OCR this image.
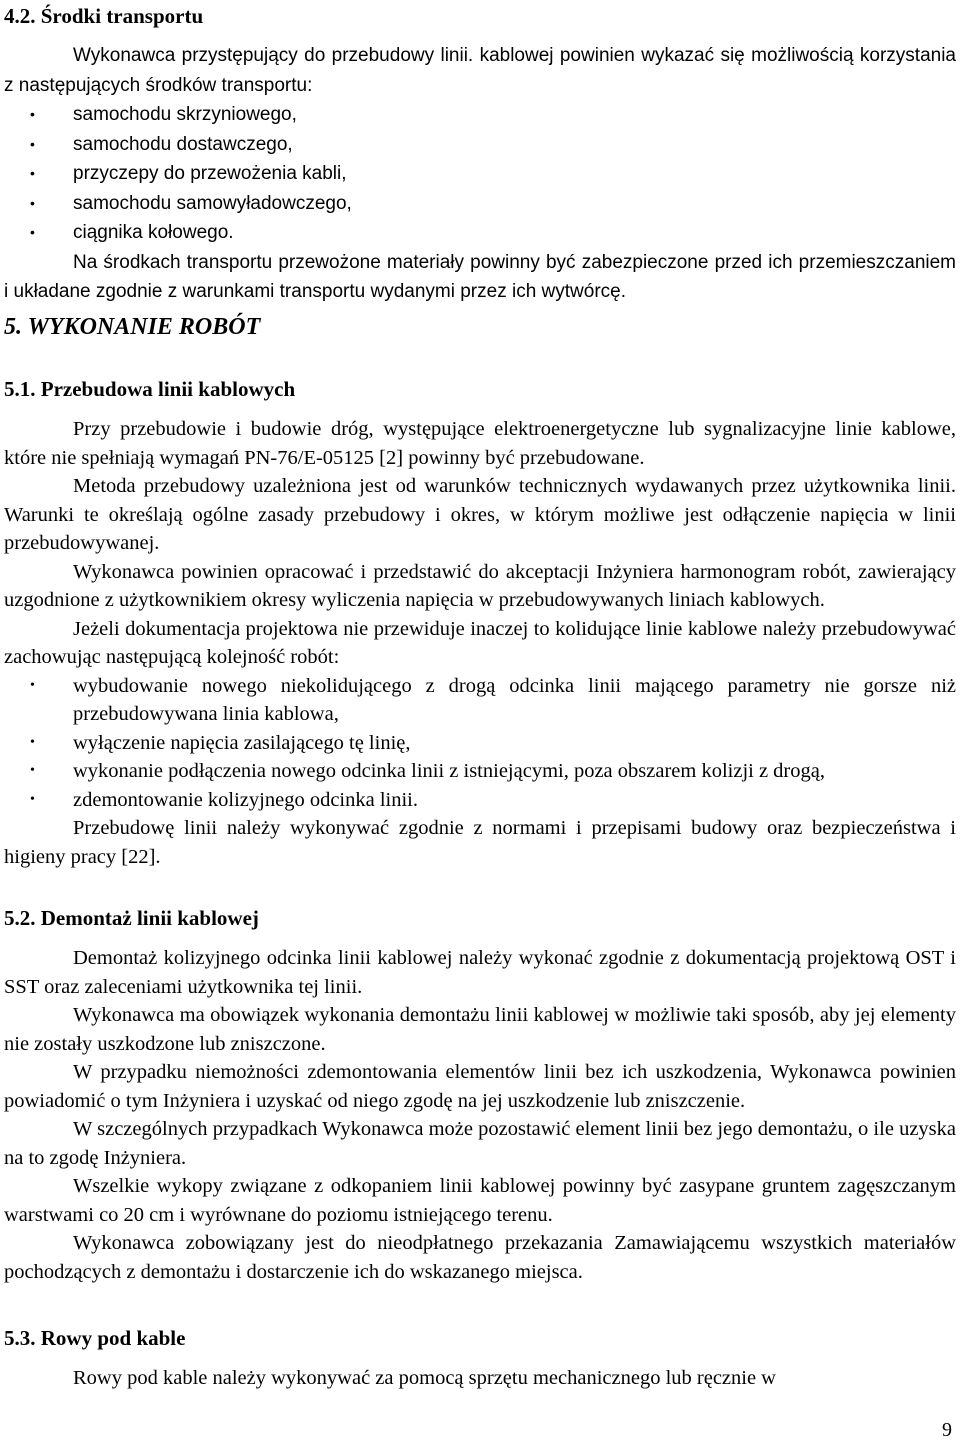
4.2. Środki transportu

Wykonawca przystępujący do przebudowy linii. kablowej powinien wykazać się możliwością korzystania z następujących środków transportu:

• samochodu skrzyniowego,
• samochodu dostawczego,
• przyczepy do przewożenia kabli,
• samochodu samowyładowczego,
• ciągnika kołowego.

Na środkach transportu przewożone materiały powinny być zabezpieczone przed ich przemieszczaniem i układane zgodnie z warunkami transportu wydanymi przez ich wytwórcę.

5. WYKONANIE ROBÓT
5.1. Przebudowa linii kablowych

Przy przebudowie i budowie dróg, występujące elektroenergetyczne lub sygnalizacyjne linie kablowe, które nie spełniają wymagań PN-76/E-05125 [2] powinny być przebudowane.

Metoda przebudowy uzależniona jest od warunków technicznych wydawanych przez użytkownika linii. Warunki te określają ogólne zasady przebudowy i okres, w którym możliwe jest odłączenie napięcia w linii przebudowywanej.

Wykonawca powinien opracować i przedstawić do akceptacji Inżyniera harmonogram robót, zawierający uzgodnione z użytkownikiem okresy wyliczenia napięcia w przebudowywanych liniach kablowych.

Jeżeli dokumentacja projektowa nie przewiduje inaczej to kolidujące linie kablowe należy przebudowywać zachowując następującą kolejność robót:

• wybudowanie nowego niekolidującego z drogą odcinka linii mającego parametry nie gorsze niż przebudowywana linia kablowa,
• wyłączenie napięcia zasilającego tę linię,
• wykonanie podłączenia nowego odcinka linii z istniejącymi, poza obszarem kolizji z drogą,
• zdemontowanie kolizyjnego odcinka linii.

Przebudowę linii należy wykonywać zgodnie z normami i przepisami budowy oraz bezpieczeństwa i higieny pracy [22].

5.2. Demontaż linii kablowej

Demontaż kolizyjnego odcinka linii kablowej należy wykonać zgodnie z dokumentacją projektową OST i SST oraz zaleceniami użytkownika tej linii.

Wykonawca ma obowiązek wykonania demontażu linii kablowej w możliwie taki sposób, aby jej elementy nie zostały uszkodzone lub zniszczone.

W przypadku niemożności zdemontowania elementów linii bez ich uszkodzenia, Wykonawca powinien powiadomić o tym Inżyniera i uzyskać od niego zgodę na jej uszkodzenie lub zniszczenie.

W szczególnych przypadkach Wykonawca może pozostawić element linii bez jego demontażu, o ile uzyska na to zgodę Inżyniera.

Wszelkie wykopy związane z odkopaniem linii kablowej powinny być zasypane gruntem zagęszczanym warstwami co 20 cm i wyrównane do poziomu istniejącego terenu.

Wykonawca zobowiązany jest do nieodpłatnego przekazania Zamawiającemu wszystkich materiałów pochodzących z demontażu i dostarczenie ich do wskazanego miejsca.

5.3. Rowy pod kable

Rowy pod kable należy wykonywać za pomocą sprzętu mechanicznego lub ręcznie w

9
